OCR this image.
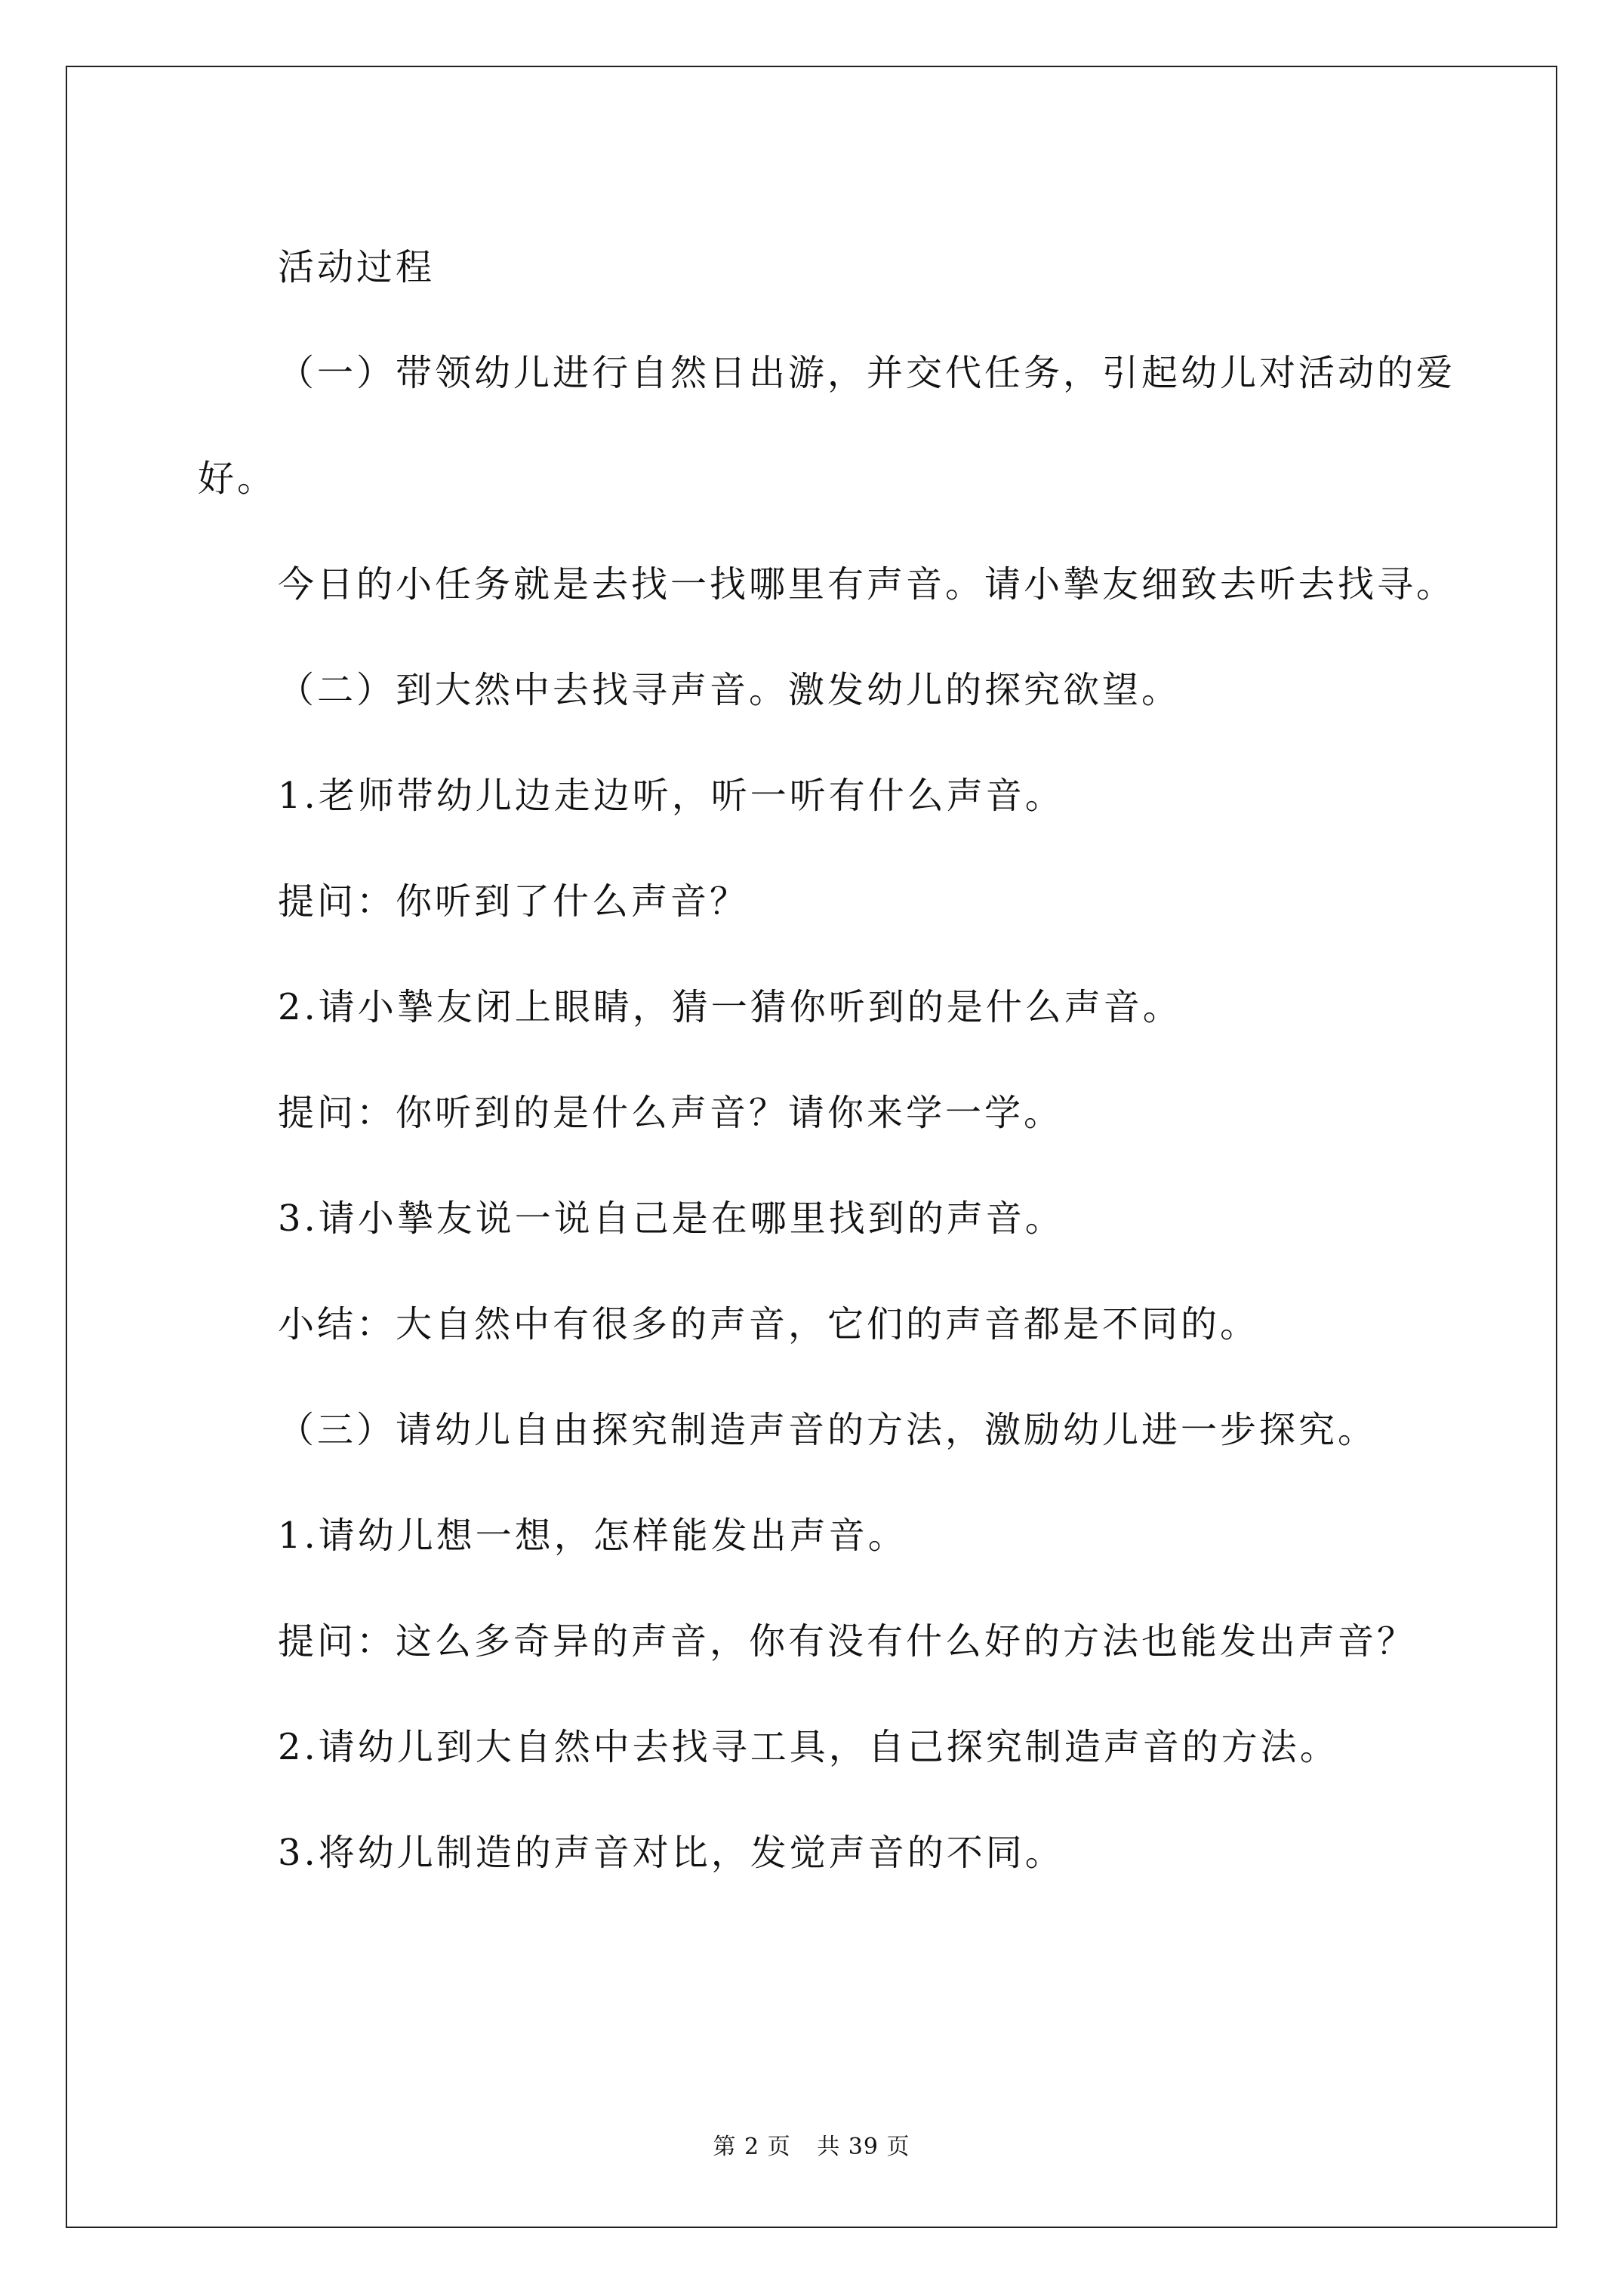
活动过程

（一）带领幼儿进行自然日出游，并交代任务，引起幼儿对活动的爱好。

今日的小任务就是去找一找哪里有声音。请小摯友细致去听去找寻。

（二）到大然中去找寻声音。激发幼儿的探究欲望。

1.老师带幼儿边走边听，听一听有什么声音。

提问：你听到了什么声音？

2.请小摯友闭上眼睛，猜一猜你听到的是什么声音。

提问：你听到的是什么声音？请你来学一学。

3.请小摯友说一说自己是在哪里找到的声音。

小结：大自然中有很多的声音，它们的声音都是不同的。

（三）请幼儿自由探究制造声音的方法，激励幼儿进一步探究。

1.请幼儿想一想，怎样能发出声音。

提问：这么多奇异的声音，你有没有什么好的方法也能发出声音？

2.请幼儿到大自然中去找寻工具，自己探究制造声音的方法。

3.将幼儿制造的声音对比，发觉声音的不同。

第 2 页 共 39 页
